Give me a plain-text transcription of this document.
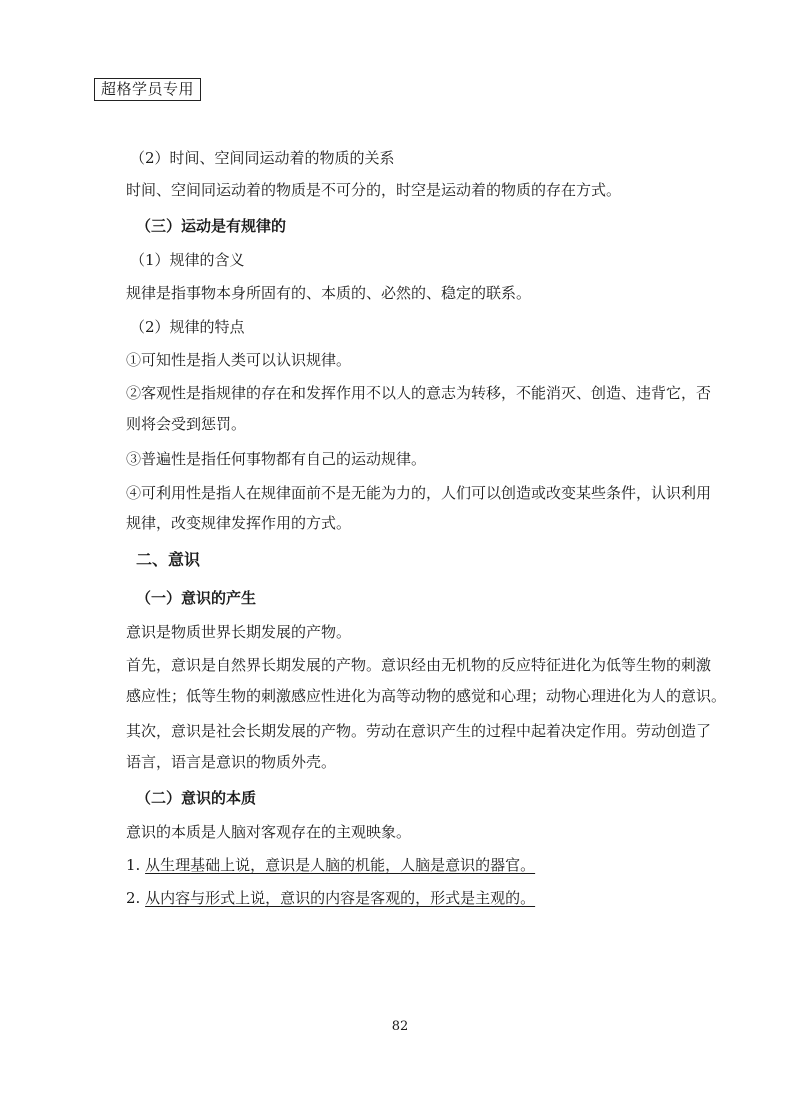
超格学员专用
（2）时间、空间同运动着的物质的关系
时间、空间同运动着的物质是不可分的，时空是运动着的物质的存在方式。
（三）运动是有规律的
（1）规律的含义
规律是指事物本身所固有的、本质的、必然的、稳定的联系。
（2）规律的特点
①可知性是指人类可以认识规律。
②客观性是指规律的存在和发挥作用不以人的意志为转移，不能消灭、创造、违背它，否
则将会受到惩罚。
③普遍性是指任何事物都有自己的运动规律。
④可利用性是指人在规律面前不是无能为力的，人们可以创造或改变某些条件，认识利用
规律，改变规律发挥作用的方式。
二、意识
（一）意识的产生
意识是物质世界长期发展的产物。
首先，意识是自然界长期发展的产物。意识经由无机物的反应特征进化为低等生物的刺激
感应性；低等生物的刺激感应性进化为高等动物的感觉和心理；动物心理进化为人的意识。
其次，意识是社会长期发展的产物。劳动在意识产生的过程中起着决定作用。劳动创造了
语言，语言是意识的物质外壳。
（二）意识的本质
意识的本质是人脑对客观存在的主观映象。
1. 从生理基础上说，意识是人脑的机能，人脑是意识的器官。
2. 从内容与形式上说，意识的内容是客观的，形式是主观的。
82
